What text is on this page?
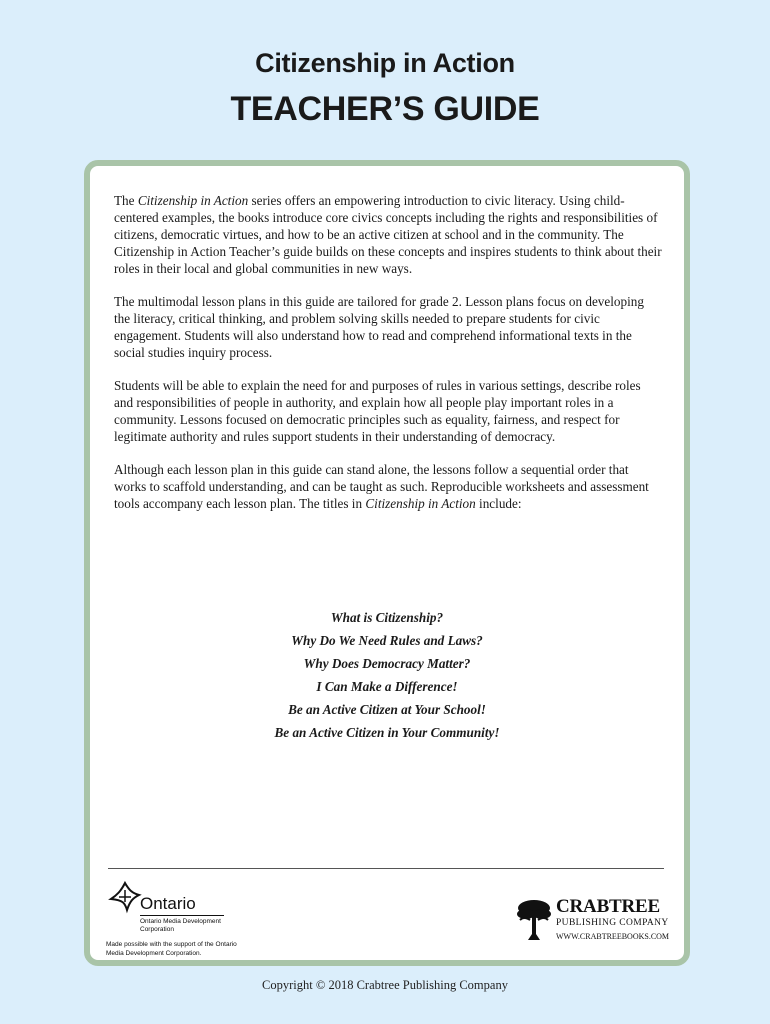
Citizenship in Action
TEACHER’S GUIDE

The Citizenship in Action series offers an empowering introduction to civic literacy. Using child-centered examples, the books introduce core civics concepts including the rights and responsibilities of citizens, democratic virtues, and how to be an active citizen at school and in the community. The Citizenship in Action Teacher’s guide builds on these concepts and inspires students to think about their roles in their local and global communities in new ways.

The multimodal lesson plans in this guide are tailored for grade 2. Lesson plans focus on developing the literacy, critical thinking, and problem solving skills needed to prepare students for civic engagement. Students will also understand how to read and comprehend informational texts in the social studies inquiry process.

Students will be able to explain the need for and purposes of rules in various settings, describe roles and responsibilities of people in authority, and explain how all people play important roles in a community. Lessons focused on democratic principles such as equality, fairness, and respect for legitimate authority and rules support students in their understanding of democracy.

Although each lesson plan in this guide can stand alone, the lessons follow a sequential order that works to scaffold understanding, and can be taught as such. Reproducible worksheets and assessment tools accompany each lesson plan. The titles in Citizenship in Action include:

What is Citizenship?
Why Do We Need Rules and Laws?
Why Does Democracy Matter?
I Can Make a Difference!
Be an Active Citizen at Your School!
Be an Active Citizen in Your Community!
Ontario
Ontario Media Development Corporation
Made possible with the support of the Ontario Media Development Corporation.
CRABTREE
PUBLISHING COMPANY
WWW.CRABTREEBOOKS.COM
Copyright © 2018 Crabtree Publishing Company
